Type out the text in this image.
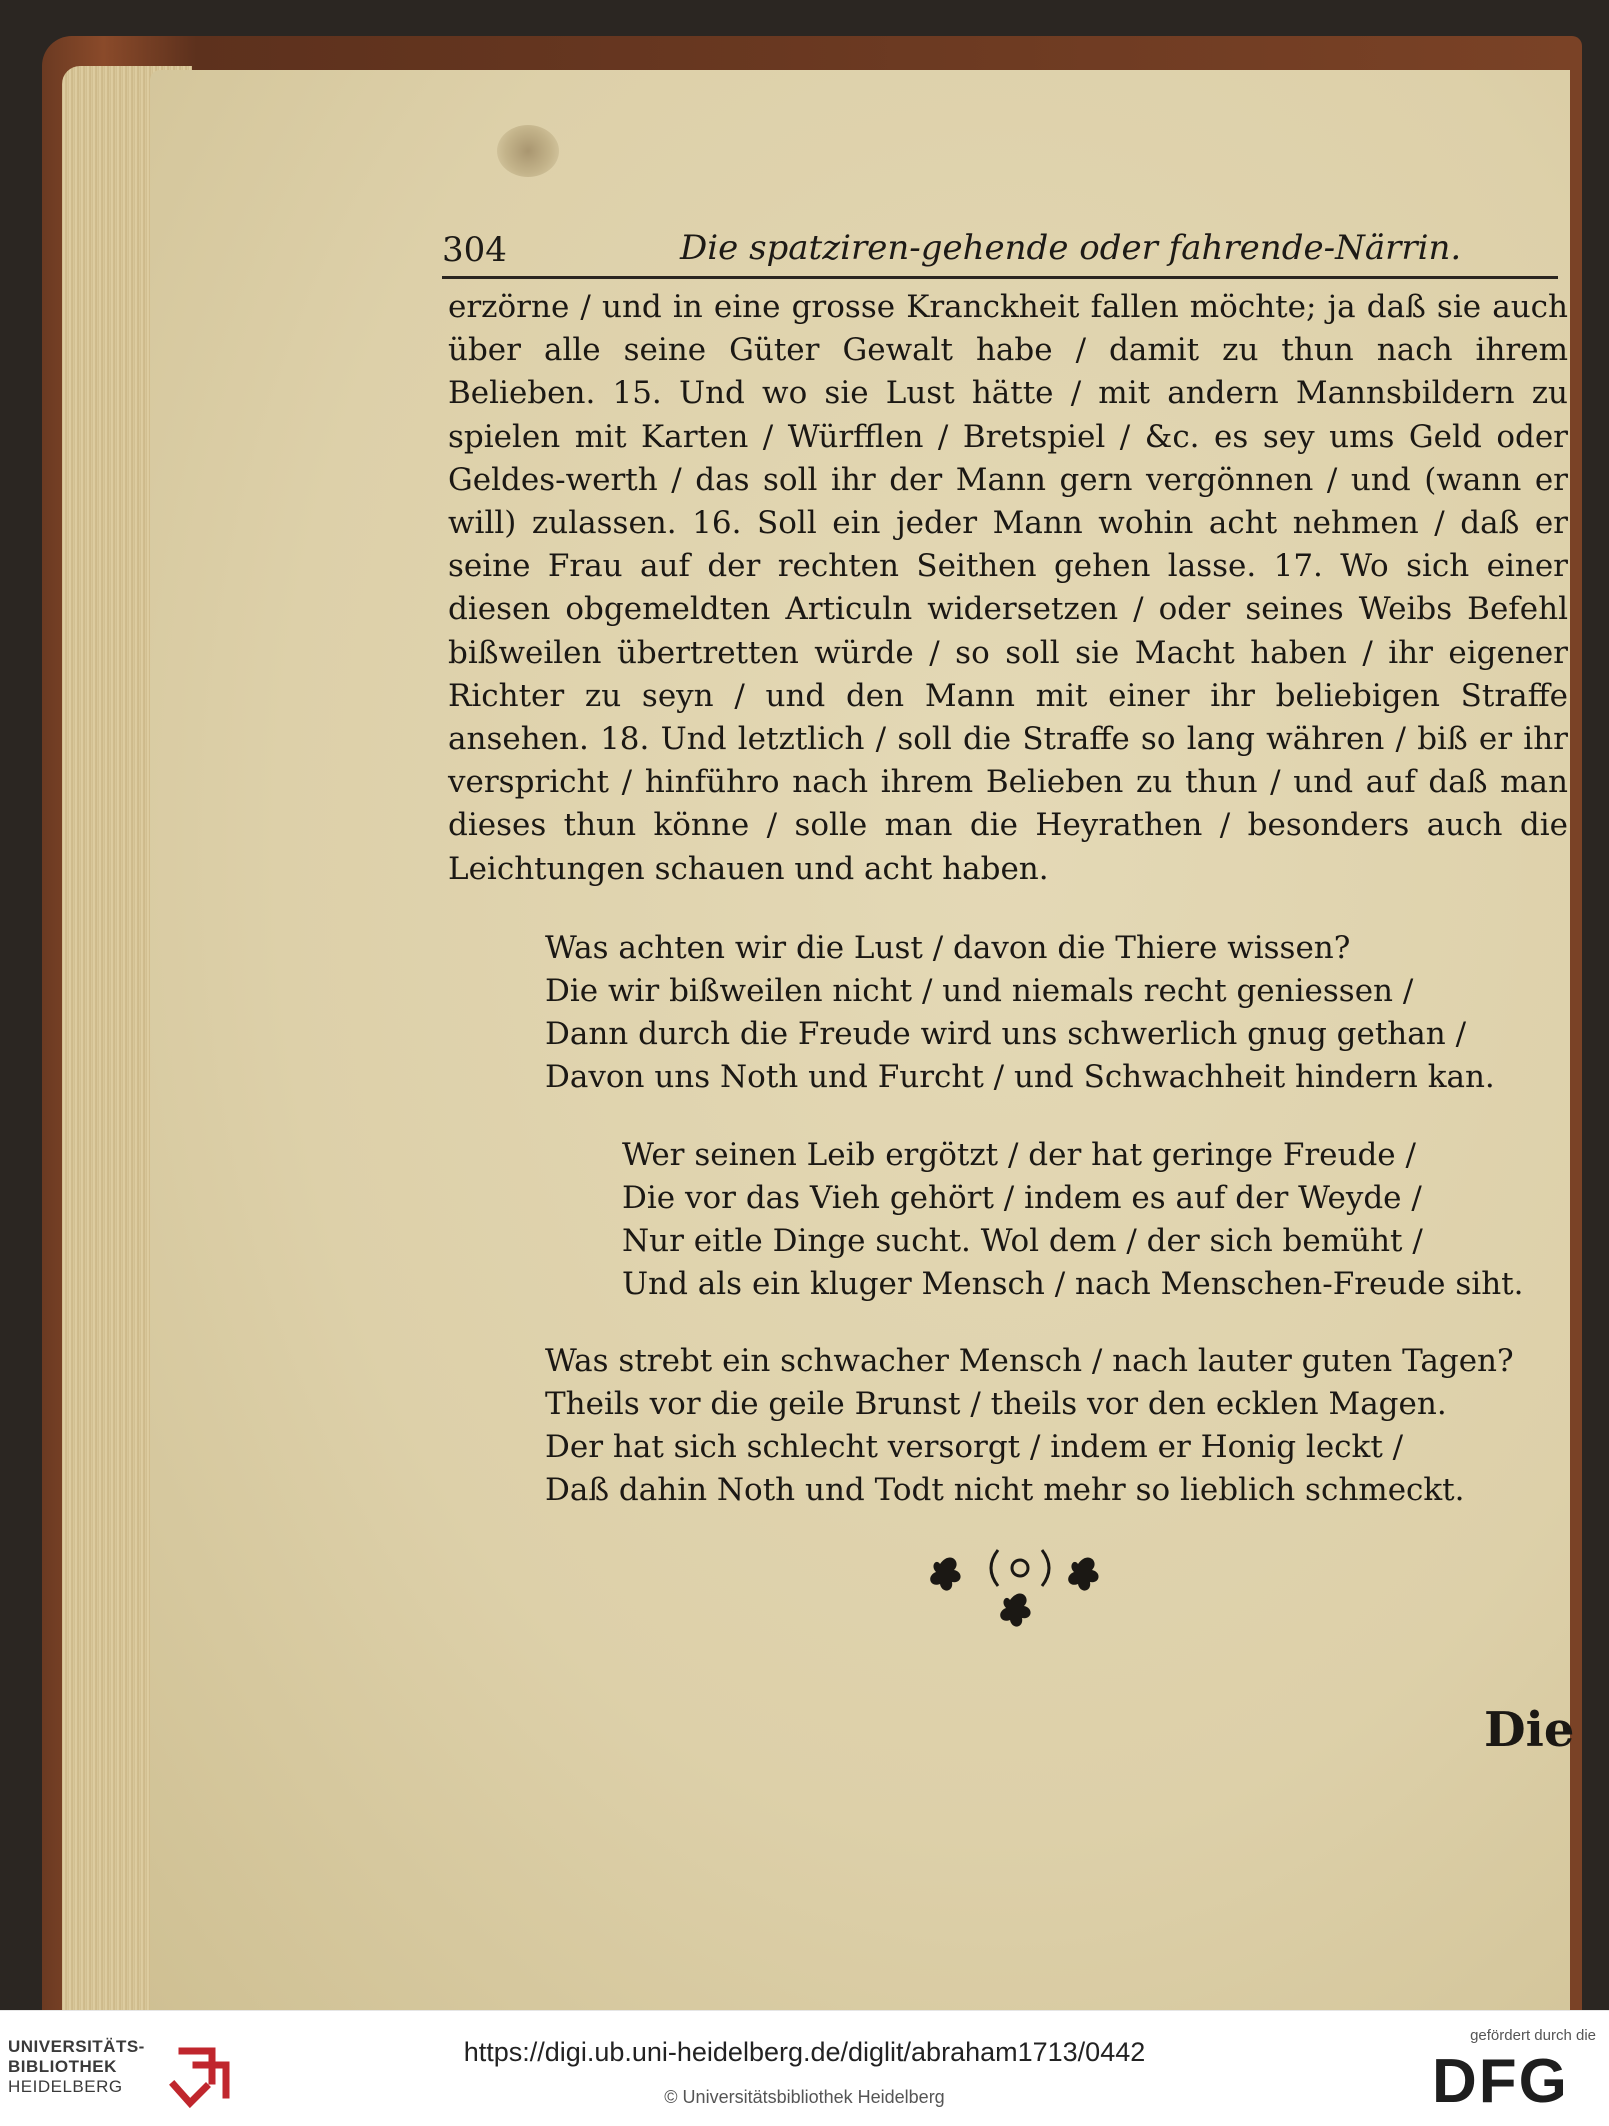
304	Die spatziren-gehende oder fahrende-Närrin.

erzörne / und in eine grosse Kranckheit fallen möchte; ja daß sie auch über alle seine Güter Gewalt habe / damit zu thun nach ihrem Belieben. 15. Und wo sie Lust hätte / mit andern Mannsbildern zu spielen mit Karten / Würfflen / Bretspiel / &c. es sey ums Geld oder Geldes-werth / das soll ihr der Mann gern vergönnen / und (wann er will) zulassen. 16. Soll ein jeder Mann wohin acht nehmen / daß er seine Frau auf der rechten Seithen gehen lasse. 17. Wo sich einer diesen obgemeldten Articuln widersetzen / oder seines Weibs Befehl bißweilen übertretten würde / so soll sie Macht haben / ihr eigener Richter zu seyn / und den Mann mit einer ihr beliebigen Straffe ansehen. 18. Und letztlich / soll die Straffe so lang währen / biß er ihr verspricht / hinführo nach ihrem Belieben zu thun / und auf daß man dieses thun könne / solle man die Heyrathen / besonders auch die Leichtungen schauen und acht haben.

Was achten wir die Lust / davon die Thiere wissen?
Die wir bißweilen nicht / und niemals recht geniessen /
Dann durch die Freude wird uns schwerlich gnug gethan /
Davon uns Noth und Furcht / und Schwachheit hindern kan.
Wer seinen Leib ergötzt / der hat geringe Freude /
Die vor das Vieh gehört / indem es auf der Weyde /
Nur eitle Dinge sucht. Wol dem / der sich bemüht /
Und als ein kluger Mensch / nach Menschen-Freude siht.
Was strebt ein schwacher Mensch / nach lauter guten Tagen?
Theils vor die geile Brunst / theils vor den ecklen Magen.
Der hat sich schlecht versorgt / indem er Honig leckt /
Daß dahin Noth und Todt nicht mehr so lieblich schmeckt.
Die
UNIVERSITÄTS-
BIBLIOTHEK
HEIDELBERG
https://digi.ub.uni-heidelberg.de/diglit/abraham1713/0442
© Universitätsbibliothek Heidelberg
gefördert durch die
DFG
